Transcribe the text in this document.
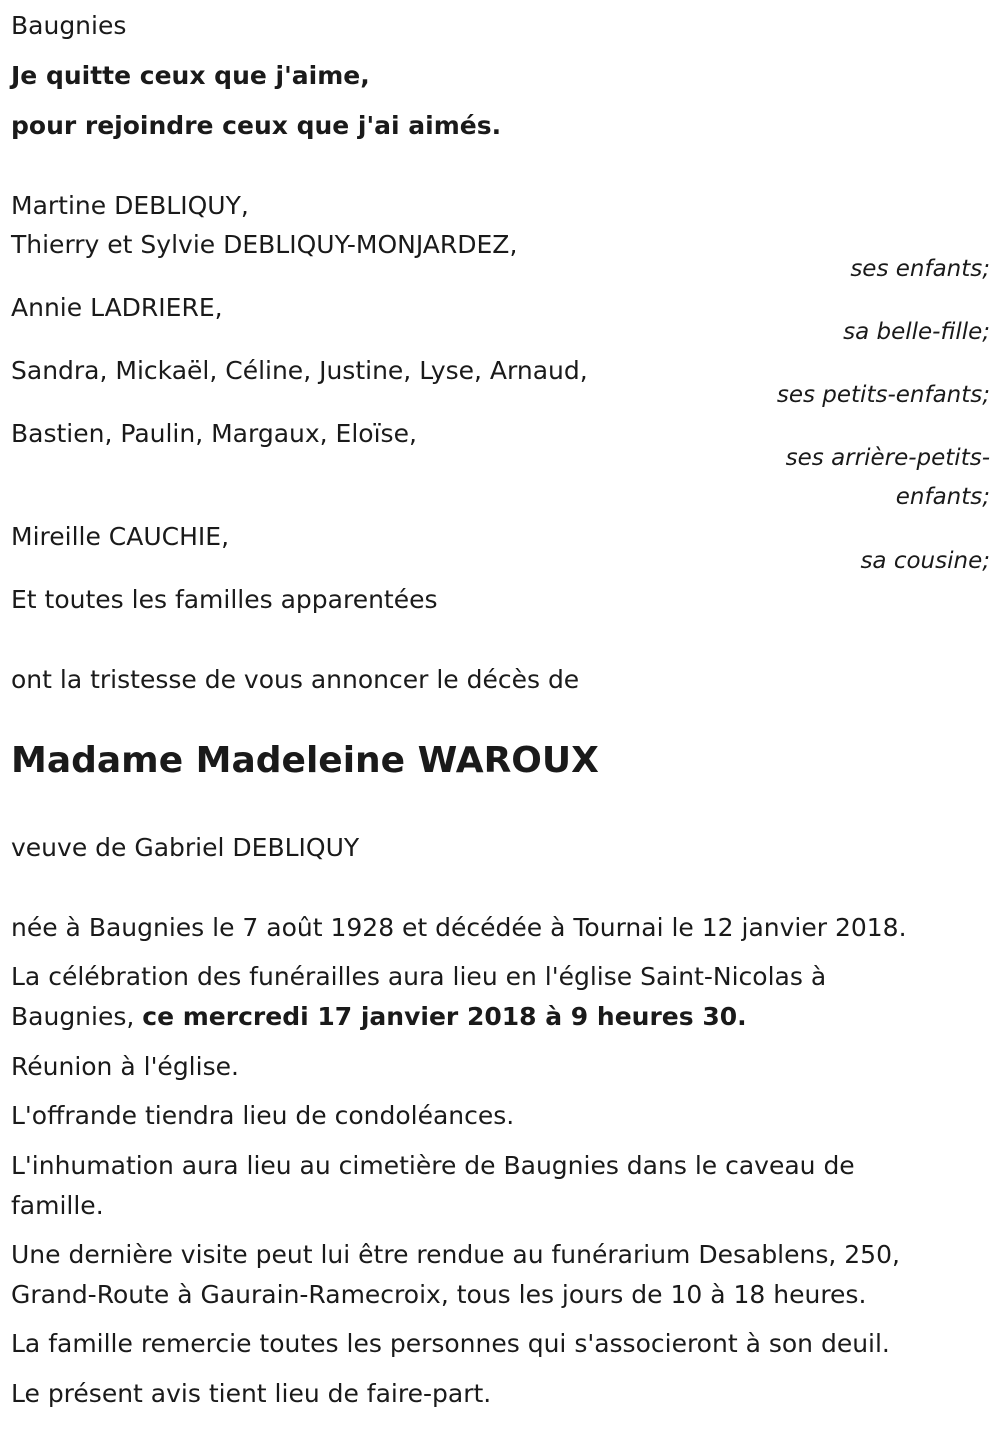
Baugnies
Je quitte ceux que j'aime,
pour rejoindre ceux que j'ai aimés.
Martine DEBLIQUY,
Thierry et Sylvie DEBLIQUY-MONJARDEZ,
ses enfants;
Annie LADRIERE,
sa belle-fille;
Sandra, Mickaël, Céline, Justine, Lyse, Arnaud,
ses petits-enfants;
Bastien, Paulin, Margaux, Eloïse,
ses arrière-petits-
enfants;
Mireille CAUCHIE,
sa cousine;
Et toutes les familles apparentées
ont la tristesse de vous annoncer le décès de
Madame Madeleine WAROUX
veuve de Gabriel DEBLIQUY
née à Baugnies le 7 août 1928 et décédée à Tournai le 12 janvier 2018.
La célébration des funérailles aura lieu en l'église Saint-Nicolas à
Baugnies, ce mercredi 17 janvier 2018 à 9 heures 30.
Réunion à l'église.
L'offrande tiendra lieu de condoléances.
L'inhumation aura lieu au cimetière de Baugnies dans le caveau de
famille.
Une dernière visite peut lui être rendue au funérarium Desablens, 250,
Grand-Route à Gaurain-Ramecroix, tous les jours de 10 à 18 heures.
La famille remercie toutes les personnes qui s'associeront à son deuil.
Le présent avis tient lieu de faire-part.
